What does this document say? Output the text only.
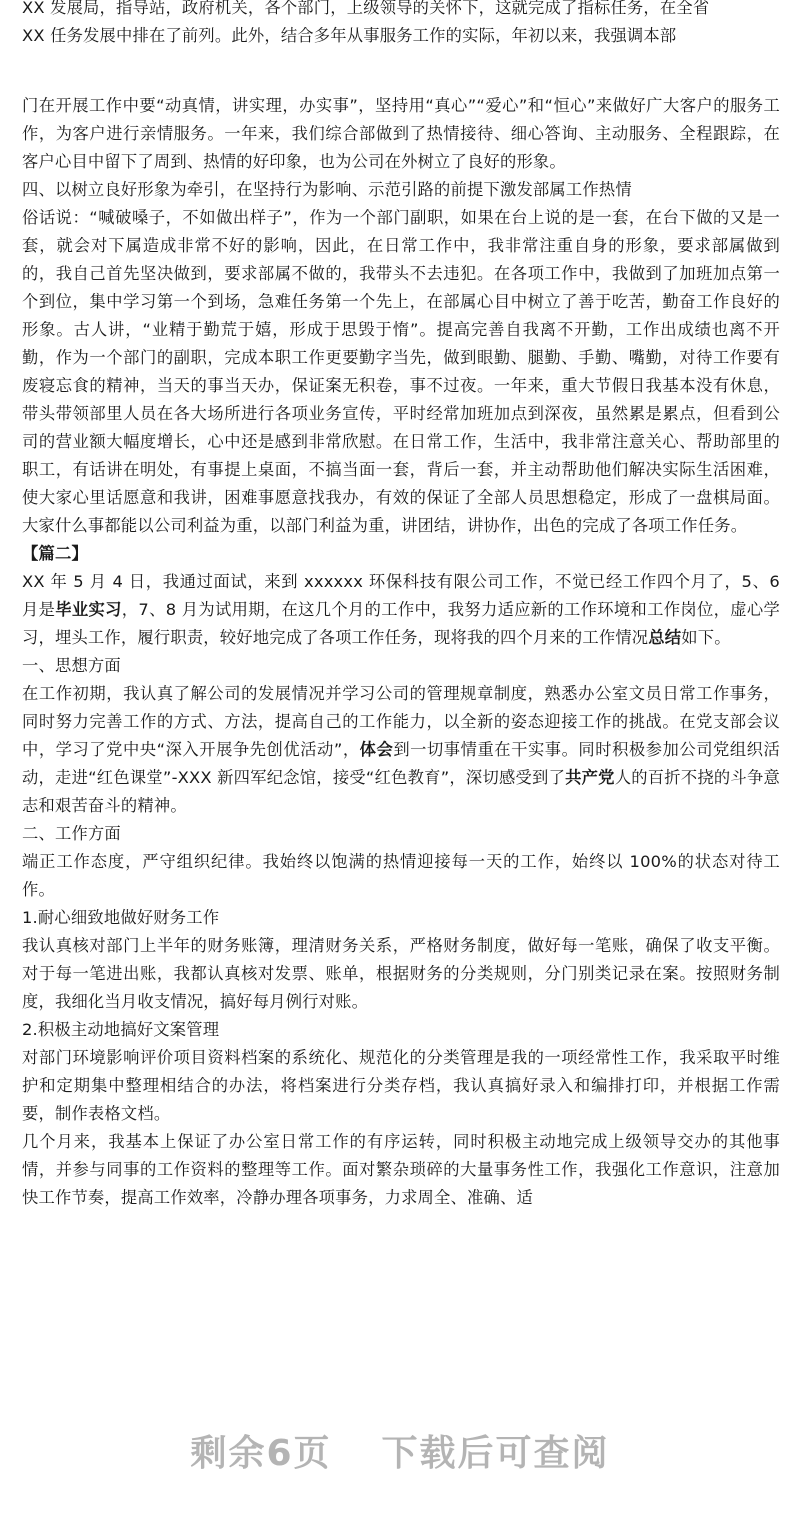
XX 发展局，指导站，政府机关，各个部门，上级领导的关怀下，这就完成了指标任务，在全省

XX 任务发展中排在了前列。此外，结合多年从事服务工作的实际，年初以来，我强调本部

门在开展工作中要“动真情，讲实理，办实事”，坚持用“真心”“爱心”和“恒心”来做好广大客户的服务工作，为客户进行亲情服务。一年来，我们综合部做到了热情接待、细心答询、主动服务、全程跟踪，在客户心目中留下了周到、热情的好印象，也为公司在外树立了良好的形象。

四、以树立良好形象为牵引，在坚持行为影响、示范引路的前提下激发部属工作热情

俗话说：“喊破嗓子，不如做出样子”，作为一个部门副职，如果在台上说的是一套，在台下做的又是一套，就会对下属造成非常不好的影响，因此，在日常工作中，我非常注重自身的形象，要求部属做到的，我自己首先坚决做到，要求部属不做的，我带头不去违犯。在各项工作中，我做到了加班加点第一个到位，集中学习第一个到场，急难任务第一个先上，在部属心目中树立了善于吃苦，勤奋工作良好的形象。古人讲，“业精于勤荒于嬉，形成于思毁于惰”。提高完善自我离不开勤，工作出成绩也离不开勤，作为一个部门的副职，完成本职工作更要勤字当先，做到眼勤、腿勤、手勤、嘴勤，对待工作要有废寝忘食的精神，当天的事当天办，保证案无积卷，事不过夜。一年来，重大节假日我基本没有休息，带头带领部里人员在各大场所进行各项业务宣传，平时经常加班加点到深夜，虽然累是累点，但看到公司的营业额大幅度增长，心中还是感到非常欣慰。在日常工作，生活中，我非常注意关心、帮助部里的职工，有话讲在明处，有事提上桌面，不搞当面一套，背后一套，并主动帮助他们解决实际生活困难，使大家心里话愿意和我讲，困难事愿意找我办，有效的保证了全部人员思想稳定，形成了一盘棋局面。大家什么事都能以公司利益为重，以部门利益为重，讲团结，讲协作，出色的完成了各项工作任务。

【篇二】

XX 年 5 月 4 日，我通过面试，来到 xxxxxx 环保科技有限公司工作，不觉已经工作四个月了，5、6 月是毕业实习，7、8 月为试用期，在这几个月的工作中，我努力适应新的工作环境和工作岗位，虚心学习，埋头工作，履行职责，较好地完成了各项工作任务，现将我的四个月来的工作情况总结如下。

一、思想方面

在工作初期，我认真了解公司的发展情况并学习公司的管理规章制度，熟悉办公室文员日常工作事务，同时努力完善工作的方式、方法，提高自己的工作能力，以全新的姿态迎接工作的挑战。在党支部会议中，学习了党中央“深入开展争先创优活动”，体会到一切事情重在干实事。同时积极参加公司党组织活动，走进“红色课堂”-XXX 新四军纪念馆，接受“红色教育”，深切感受到了共产党人的百折不挠的斗争意志和艰苦奋斗的精神。

二、工作方面

端正工作态度，严守组织纪律。我始终以饱满的热情迎接每一天的工作，始终以 100%的状态对待工作。

1.耐心细致地做好财务工作

我认真核对部门上半年的财务账簿，理清财务关系，严格财务制度，做好每一笔账，确保了收支平衡。对于每一笔进出账，我都认真核对发票、账单，根据财务的分类规则，分门别类记录在案。按照财务制度，我细化当月收支情况，搞好每月例行对账。

2.积极主动地搞好文案管理

对部门环境影响评价项目资料档案的系统化、规范化的分类管理是我的一项经常性工作，我采取平时维护和定期集中整理相结合的办法，将档案进行分类存档，我认真搞好录入和编排打印，并根据工作需要，制作表格文档。

几个月来，我基本上保证了办公室日常工作的有序运转，同时积极主动地完成上级领导交办的其他事情，并参与同事的工作资料的整理等工作。面对繁杂琐碎的大量事务性工作，我强化工作意识，注意加快工作节奏，提高工作效率，冷静办理各项事务，力求周全、准确、适

剩余6页 下载后可查阅
